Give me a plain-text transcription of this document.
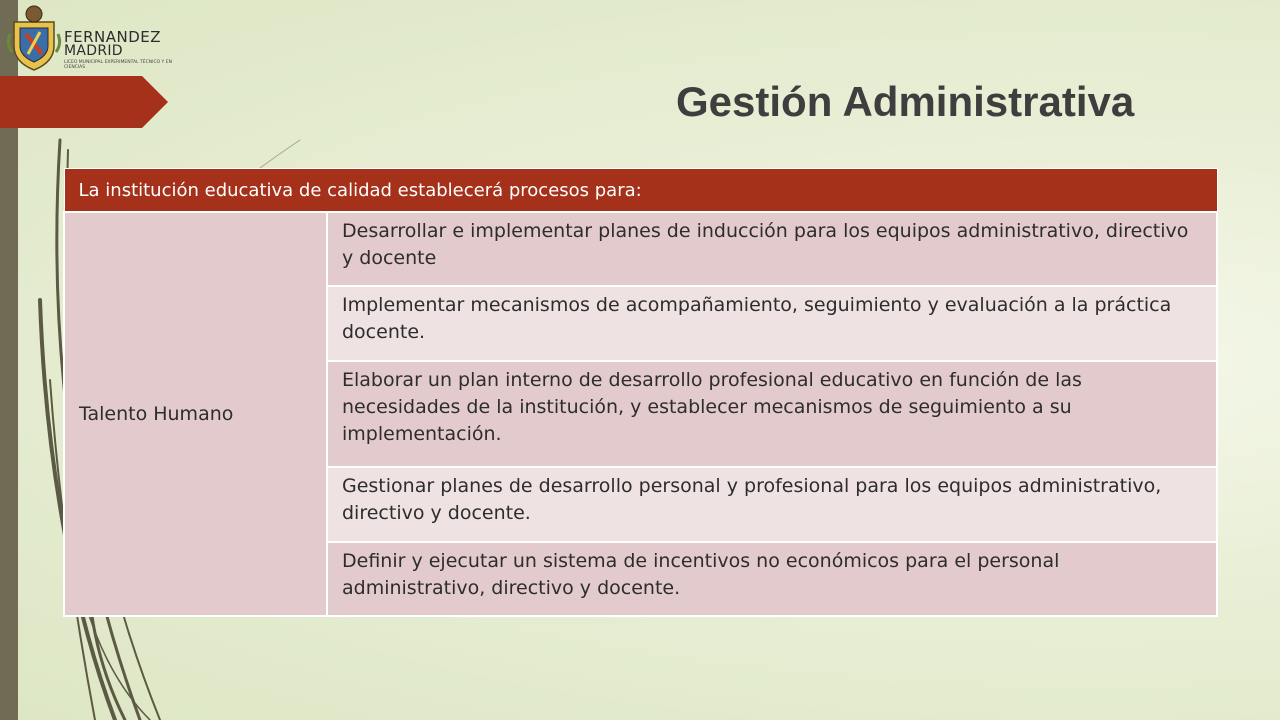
FERNANDEZ
MADRID
LICEO MUNICIPAL EXPERIMENTAL TÉCNICO Y EN CIENCIAS
Gestión Administrativa
La institución educativa de calidad establecerá procesos para:
Talento Humano	Desarrollar e implementar planes de inducción para los equipos administrativo, directivo y docente
Implementar mecanismos de acompañamiento, seguimiento y evaluación a la práctica docente.
Elaborar un plan interno de desarrollo profesional educativo en función de las necesidades de la institución, y establecer mecanismos de seguimiento a su implementación.
Gestionar planes de desarrollo personal y profesional para los equipos administrativo, directivo y docente.
Definir y ejecutar un sistema de incentivos no económicos para el personal administrativo, directivo y docente.
